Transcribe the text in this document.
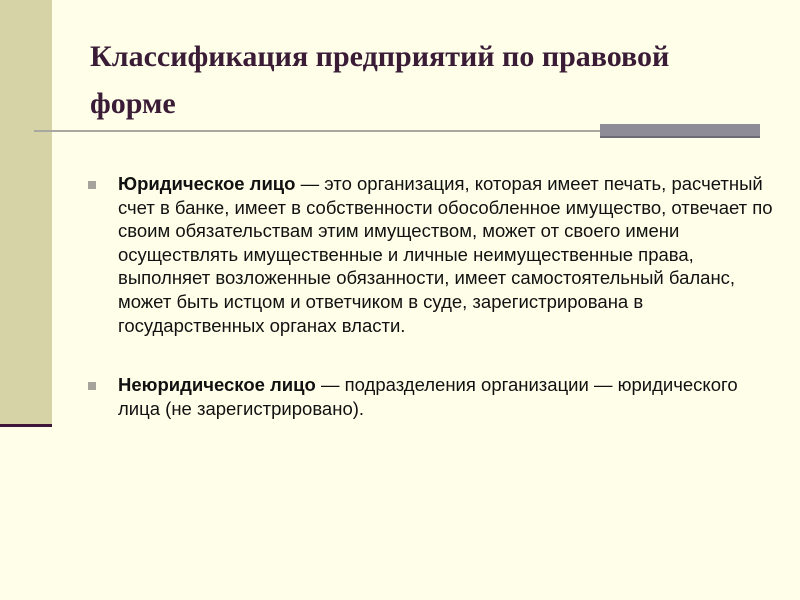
Классификация предприятий по правовой форме
Юридическое лицо — это организация, которая имеет печать, расчетный счет в банке, имеет в собственности обособленное имущество, отвечает по своим обязательствам этим имуществом, может от своего имени осуществлять имущественные и личные неимущественные права, выполняет возложенные обязанности, имеет самостоятельный баланс, может быть истцом и ответчиком в суде, зарегистрирована в государственных органах власти.
Неюридическое лицо — подразделения организации — юридического лица (не зарегистрировано).
